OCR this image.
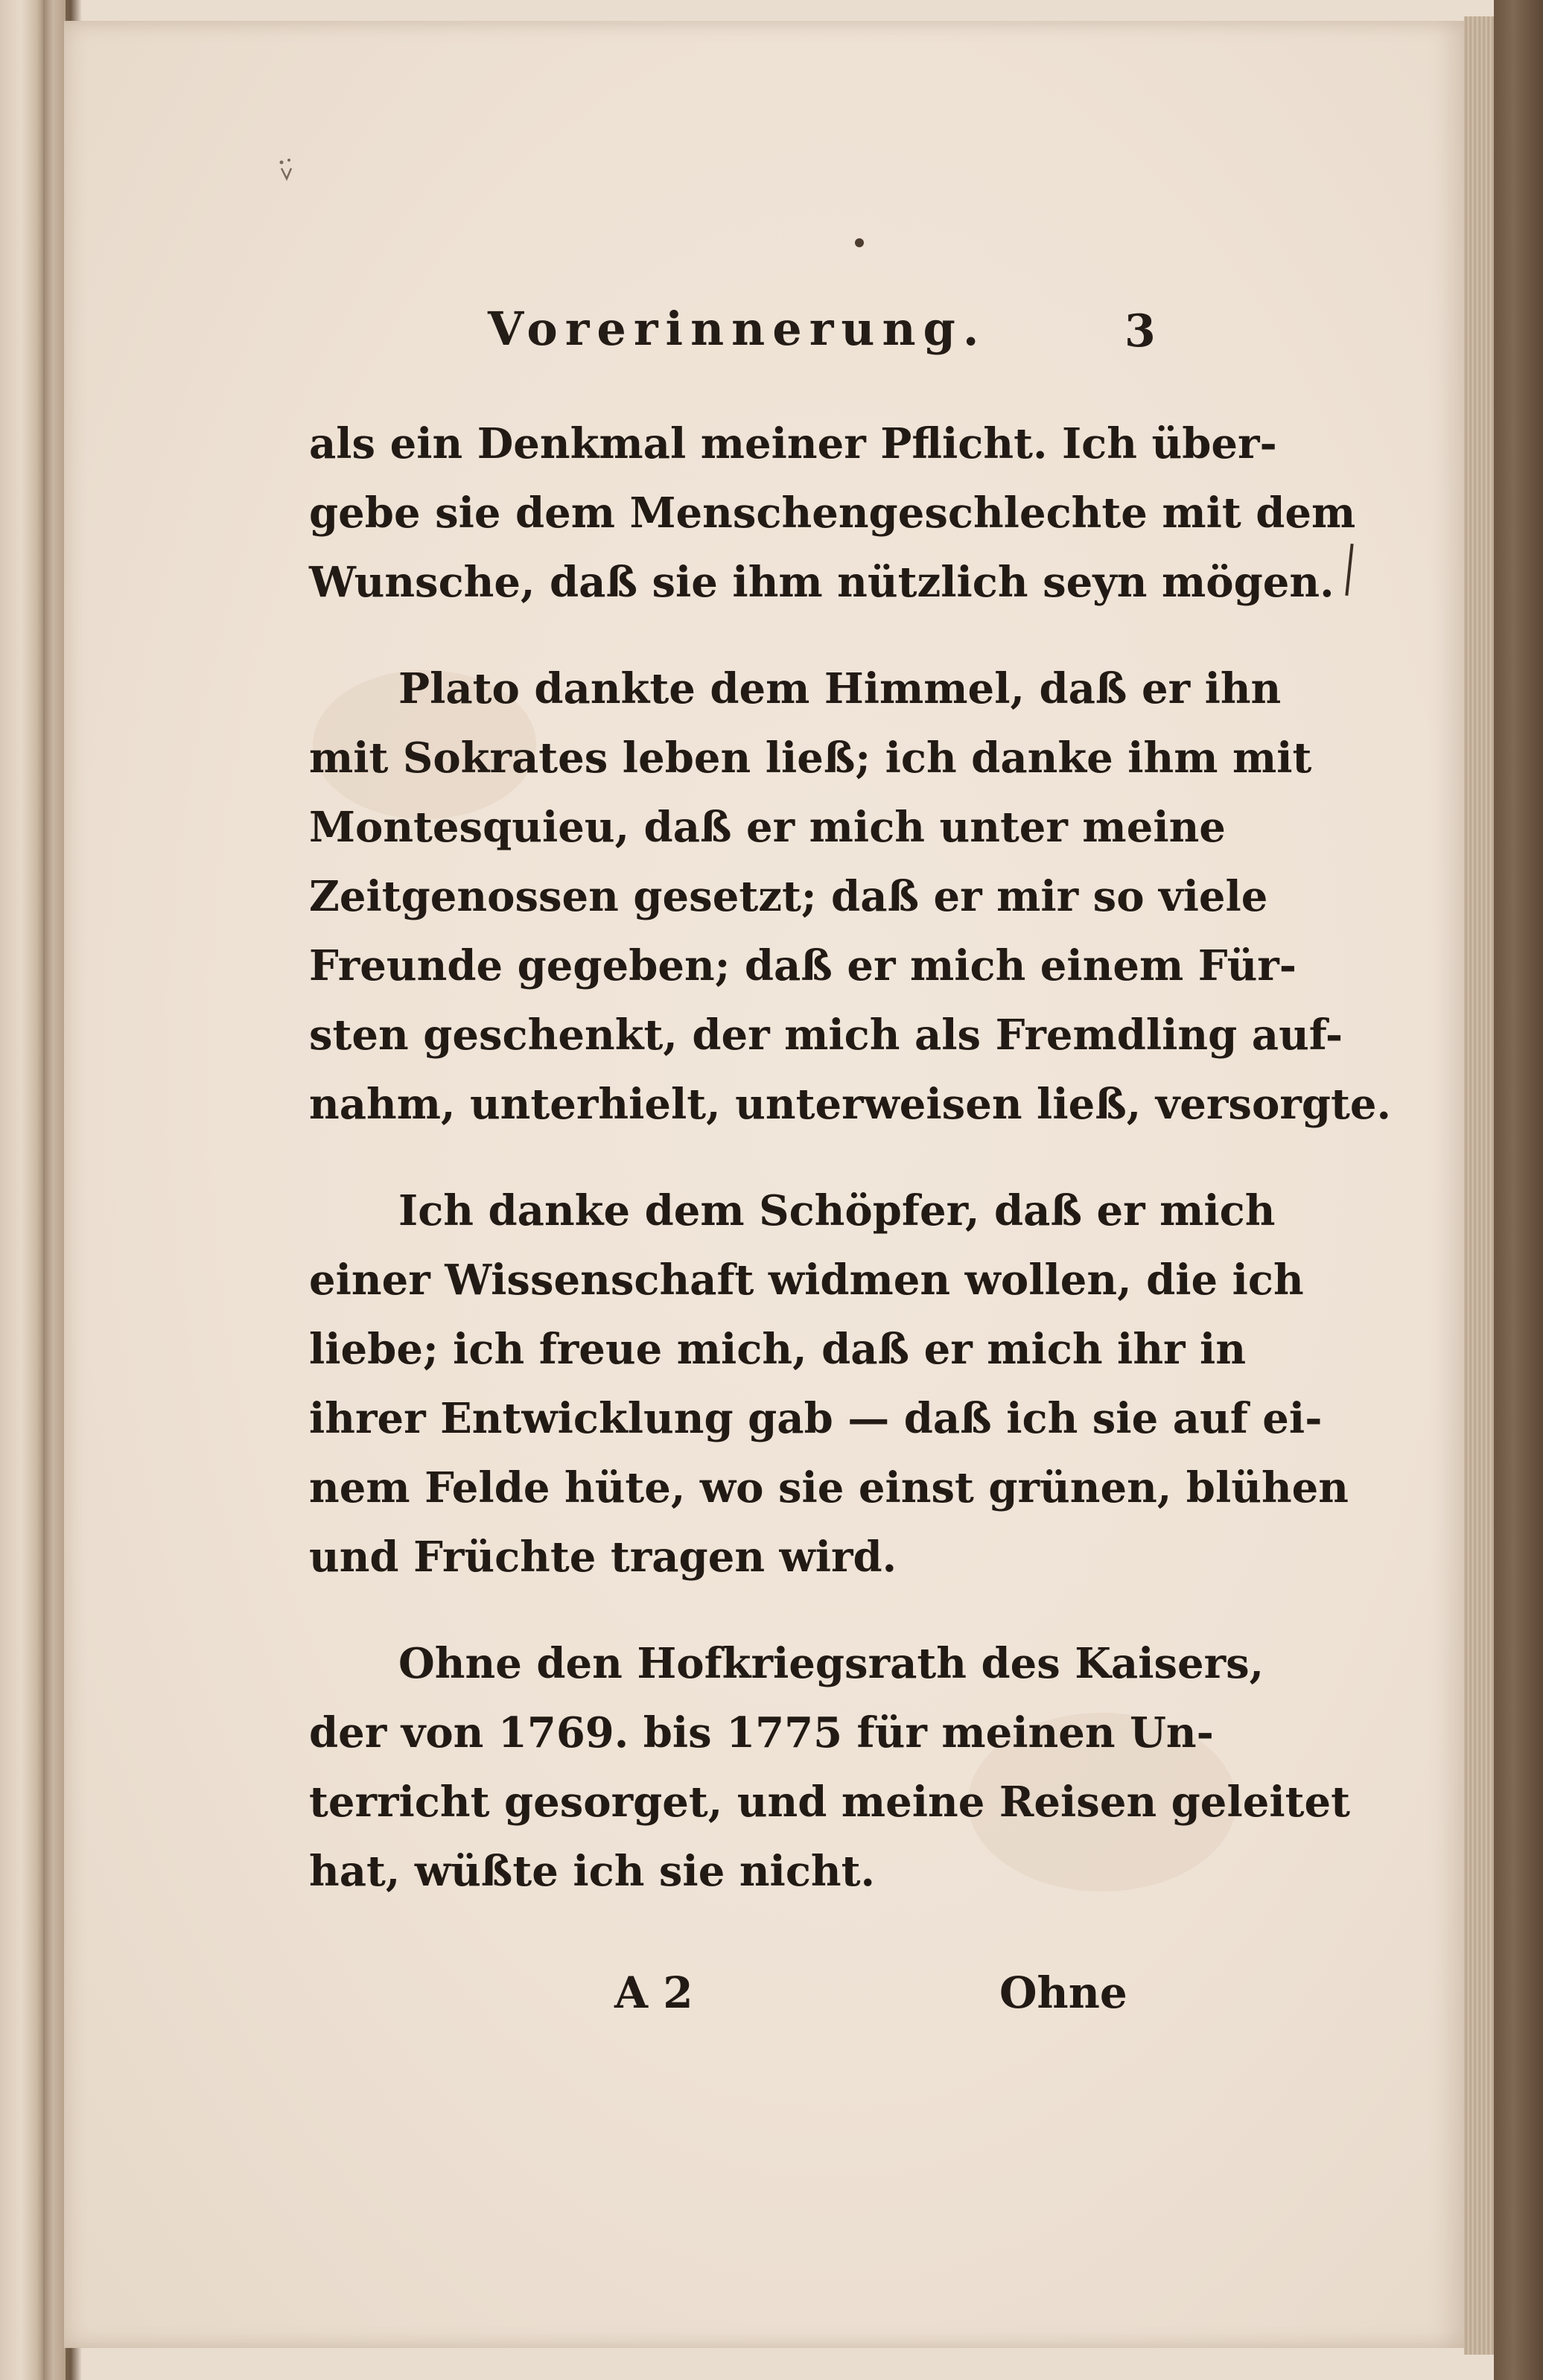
Vorerinnerung.	3
als ein Denkmal meiner Pflicht. Ich über-
gebe sie dem Menschengeschlechte mit dem
Wunsche, daß sie ihm nützlich seyn mögen.
Plato dankte dem Himmel, daß er ihn
mit Sokrates leben ließ; ich danke ihm mit
Montesquieu, daß er mich unter meine
Zeitgenossen gesetzt; daß er mir so viele
Freunde gegeben; daß er mich einem Für-
sten geschenkt, der mich als Fremdling auf-
nahm, unterhielt, unterweisen ließ, versorgte.
Ich danke dem Schöpfer, daß er mich
einer Wissenschaft widmen wollen, die ich
liebe; ich freue mich, daß er mich ihr in
ihrer Entwicklung gab — daß ich sie auf ei-
nem Felde hüte, wo sie einst grünen, blühen
und Früchte tragen wird.
Ohne den Hofkriegsrath des Kaisers,
der von 1769. bis 1775 für meinen Un-
terricht gesorget, und meine Reisen geleitet
hat, wüßte ich sie nicht.
A 2	Ohne
